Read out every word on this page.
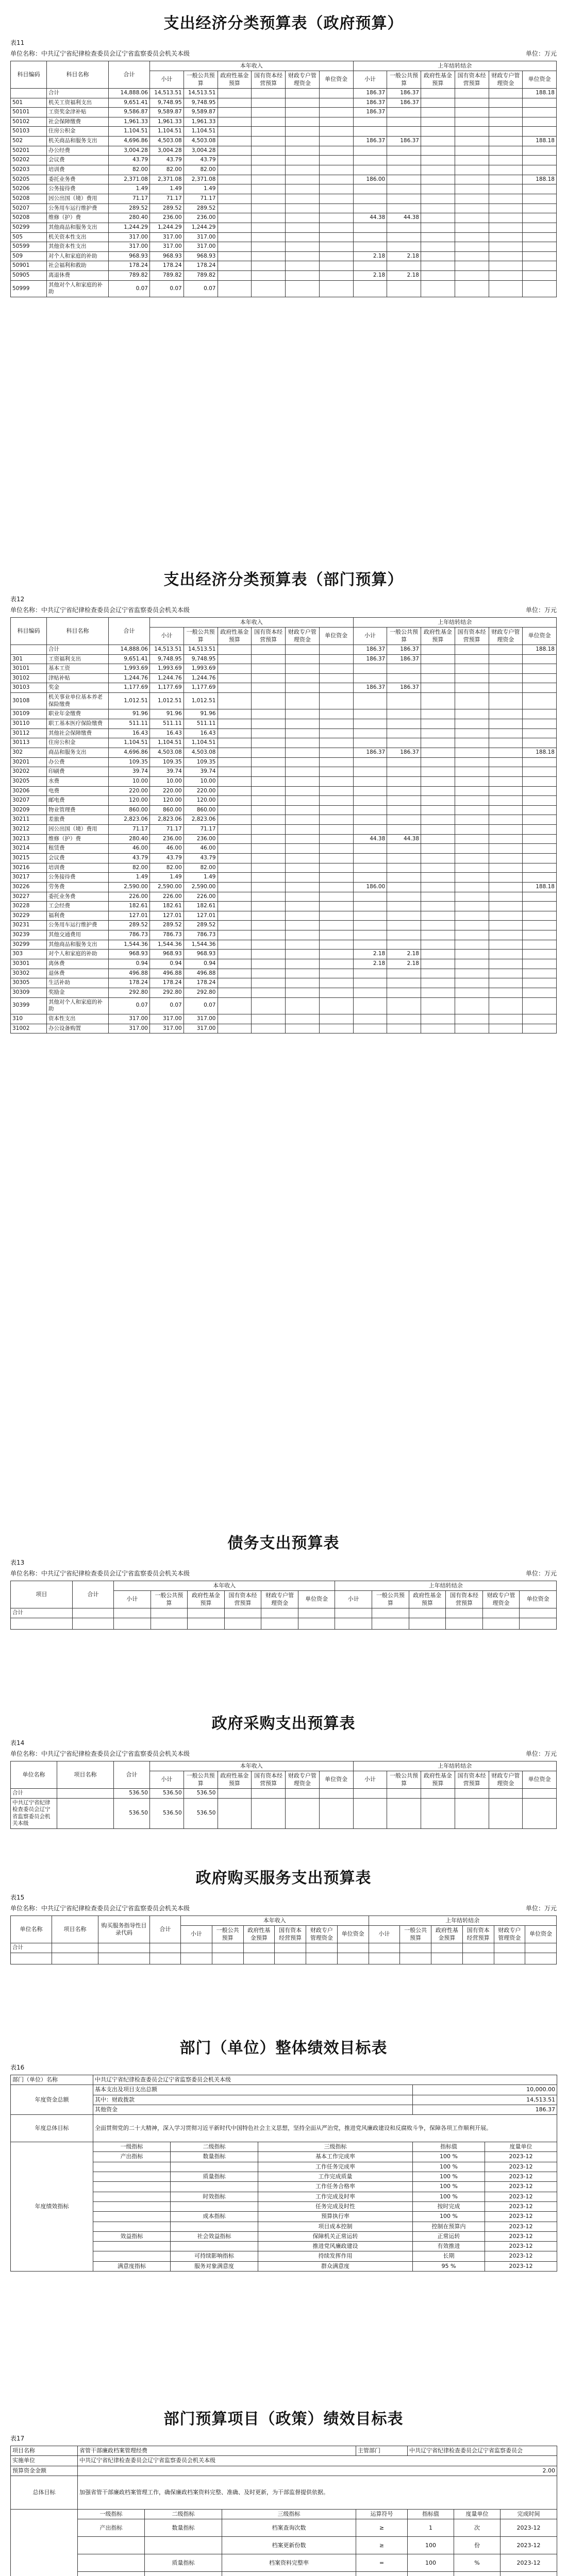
支出经济分类预算表（政府预算）
表11
单位名称：中共辽宁省纪律检查委员会辽宁省监察委员会机关本级	单位：万元
科目编码	科目名称	合计	本年收入						上年结转结余					
			小计	一般公共预算	政府性基金预算	国有资本经营预算	财政专户管理资金	单位资金	小计	一般公共预算	政府性基金预算	国有资本经营预算	财政专户管理资金	单位资金
	合计	14,888.06	14,513.51	14,513.51					186.37	186.37				188.18
501	机关工资福利支出	9,651.41	9,748.95	9,748.95					186.37	186.37				
50101	工资奖金津补贴	9,586.87	9,589.87	9,589.87					186.37					
50102	社会保障缴费	1,961.33	1,961.33	1,961.33										
50103	住房公积金	1,104.51	1,104.51	1,104.51										
502	机关商品和服务支出	4,696.86	4,503.08	4,503.08					186.37	186.37				188.18
50201	办公经费	3,004.28	3,004.28	3,004.28										
50202	会议费	43.79	43.79	43.79										
50203	培训费	82.00	82.00	82.00										
50205	委托业务费	2,371.08	2,371.08	2,371.08					186.00					188.18
50206	公务接待费	1.49	1.49	1.49										
50208	因公出国（境）费用	71.17	71.17	71.17										
50207	公务用车运行维护费	289.52	289.52	289.52										
50208	维修（护）费	280.40	236.00	236.00					44.38	44.38				
50299	其他商品和服务支出	1,244.29	1,244.29	1,244.29										
505	机关资本性支出	317.00	317.00	317.00										
50599	其他资本性支出	317.00	317.00	317.00										
509	对个人和家庭的补助	968.93	968.93	968.93					2.18	2.18				
50901	社会福利和救助	178.24	178.24	178.24										
50905	离退休费	789.82	789.82	789.82					2.18	2.18				
50999	其他对个人和家庭的补助	0.07	0.07	0.07										
支出经济分类预算表（部门预算）
表12
单位名称：中共辽宁省纪律检查委员会辽宁省监察委员会机关本级	单位：万元
科目编码	科目名称	合计	本年收入						上年结转结余					
			小计	一般公共预算	政府性基金预算	国有资本经营预算	财政专户管理资金	单位资金	小计	一般公共预算	政府性基金预算	国有资本经营预算	财政专户管理资金	单位资金
	合计	14,888.06	14,513.51	14,513.51					186.37	186.37				188.18
301	工资福利支出	9,651.41	9,748.95	9,748.95					186.37	186.37				
30101	基本工资	1,993.69	1,993.69	1,993.69										
30102	津贴补贴	1,244.76	1,244.76	1,244.76										
30103	奖金	1,177.69	1,177.69	1,177.69					186.37	186.37				
30108	机关事业单位基本养老保险缴费	1,012.51	1,012.51	1,012.51										
30109	职业年金缴费	91.96	91.96	91.96										
30110	职工基本医疗保险缴费	511.11	511.11	511.11										
30112	其他社会保障缴费	16.43	16.43	16.43										
30113	住房公积金	1,104.51	1,104.51	1,104.51										
302	商品和服务支出	4,696.86	4,503.08	4,503.08					186.37	186.37				188.18
30201	办公费	109.35	109.35	109.35										
30202	印刷费	39.74	39.74	39.74										
30205	水费	10.00	10.00	10.00										
30206	电费	220.00	220.00	220.00										
30207	邮电费	120.00	120.00	120.00										
30209	物业管理费	860.00	860.00	860.00										
30211	差旅费	2,823.06	2,823.06	2,823.06										
30212	因公出国（境）费用	71.17	71.17	71.17										
30213	维修（护）费	280.40	236.00	236.00					44.38	44.38				
30214	租赁费	46.00	46.00	46.00										
30215	会议费	43.79	43.79	43.79										
30216	培训费	82.00	82.00	82.00										
30217	公务接待费	1.49	1.49	1.49										
30226	劳务费	2,590.00	2,590.00	2,590.00					186.00					188.18
30227	委托业务费	226.00	226.00	226.00										
30228	工会经费	182.61	182.61	182.61										
30229	福利费	127.01	127.01	127.01										
30231	公务用车运行维护费	289.52	289.52	289.52										
30239	其他交通费用	786.73	786.73	786.73										
30299	其他商品和服务支出	1,544.36	1,544.36	1,544.36										
303	对个人和家庭的补助	968.93	968.93	968.93					2.18	2.18				
30301	离休费	0.94	0.94	0.94					2.18	2.18				
30302	退休费	496.88	496.88	496.88										
30305	生活补助	178.24	178.24	178.24										
30309	奖励金	292.80	292.80	292.80										
30399	其他对个人和家庭的补助	0.07	0.07	0.07										
310	资本性支出	317.00	317.00	317.00										
31002	办公设备购置	317.00	317.00	317.00										
债务支出预算表
表13
单位名称：中共辽宁省纪律检查委员会辽宁省监察委员会机关本级	单位：万元
项目	合计	本年收入						上年结转结余					
		小计	一般公共预算	政府性基金预算	国有资本经营预算	财政专户管理资金	单位资金	小计	一般公共预算	政府性基金预算	国有资本经营预算	财政专户管理资金	单位资金
合计													

政府采购支出预算表
表14
单位名称：中共辽宁省纪律检查委员会辽宁省监察委员会机关本级	单位：万元
单位名称	项目名称	合计	本年收入						上年结转结余					
			小计	一般公共预算	政府性基金预算	国有资本经营预算	财政专户管理资金	单位资金	小计	一般公共预算	政府性基金预算	国有资本经营预算	财政专户管理资金	单位资金
合计		536.50	536.50	536.50										
中共辽宁省纪律检查委员会辽宁省监察委员会机关本级		536.50	536.50	536.50										
政府购买服务支出预算表
表15
单位名称：中共辽宁省纪律检查委员会辽宁省监察委员会机关本级	单位：万元
单位名称	项目名称	购买服务指导性目录代码	合计	本年收入						上年结转结余					
				小计	一般公共预算	政府性基金预算	国有资本经营预算	财政专户管理资金	单位资金	小计	一般公共预算	政府性基金预算	国有资本经营预算	财政专户管理资金	单位资金
合计															

部门（单位）整体绩效目标表
表16
部门（单位）名称	中共辽宁省纪律检查委员会辽宁省监察委员会机关本级				
年度资金总额	基本支出及项目支出总额			10,000.00	
	其中：财政拨款			14,513.51	
	其他资金			186.37	
年度总体目标	全面贯彻党的二十大精神，深入学习贯彻习近平新时代中国特色社会主义思想，坚持全面从严治党，推进党风廉政建设和反腐败斗争，保障各项工作顺利开展。				
年度绩效指标	一级指标	二级指标	三级指标	指标值	度量单位
	产出指标	数量指标	基本工作完成率	100 %	2023-12
			工作任务完成率	100 %	2023-12
		质量指标	工作完成质量	100 %	2023-12
			工作任务合格率	100 %	2023-12
		时效指标	工作完成及时率	100 %	2023-12
			任务完成及时性	按时完成	2023-12
		成本指标	预算执行率	100 %	2023-12
			项目成本控制	控制在预算内	2023-12
	效益指标	社会效益指标	保障机关正常运转	正常运转	2023-12
			推进党风廉政建设	有效推进	2023-12
		可持续影响指标	持续发挥作用	长期	2023-12
	满意度指标	服务对象满意度	群众满意度	95 %	2023-12
部门预算项目（政策）绩效目标表
表17
项目名称	省管干部廉政档案管理经费			主管部门	中共辽宁省纪律检查委员会辽宁省监察委员会		
实施单位	中共辽宁省纪律检查委员会辽宁省监察委员会机关本级						
预算资金金额	2.00						
总体目标	加强省管干部廉政档案管理工作，确保廉政档案资料完整、准确、及时更新，为干部监督提供依据。						
	一级指标	二级指标	三级指标	运算符号	指标值	度量单位	完成时间
	产出指标	数量指标	档案查询次数	≥	1	次	2023-12
			档案更新份数	≥	100	份	2023-12
		质量指标	档案资料完整率	=	100	%	2023-12
